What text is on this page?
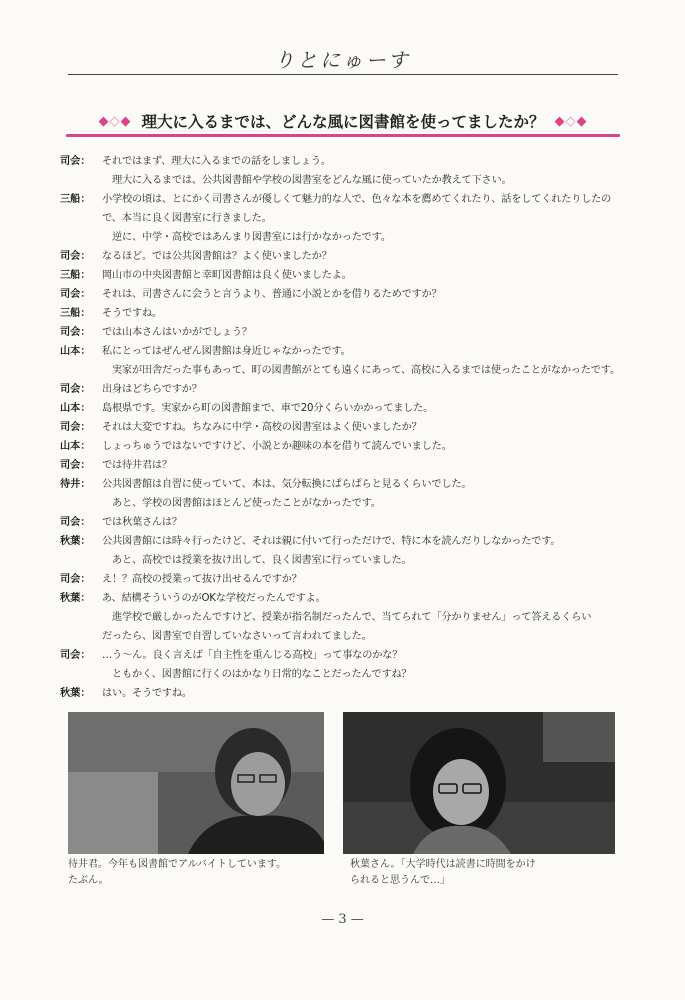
りとにゅーす
◆◇◆ 理大に入るまでは、どんな風に図書館を使ってましたか？ ◆◇◆
司会：	それではまず、理大に入るまでの話をしましょう。
理大に入るまでは、公共図書館や学校の図書室をどんな風に使っていたか教えて下さい。
三船：	小学校の頃は、とにかく司書さんが優しくて魅力的な人で、色々な本を薦めてくれたり、話をしてくれたりしたの
で、本当に良く図書室に行きました。
逆に、中学・高校ではあんまり図書室には行かなかったです。
司会：	なるほど。では公共図書館は？よく使いましたか？
三船：	岡山市の中央図書館と幸町図書館は良く使いましたよ。
司会：	それは、司書さんに会うと言うより、普通に小説とかを借りるためですか？
三船：	そうですね。
司会：	では山本さんはいかがでしょう？
山本：	私にとってはぜんぜん図書館は身近じゃなかったです。
実家が田舎だった事もあって、町の図書館がとても遠くにあって、高校に入るまでは使ったことがなかったです。
司会：	出身はどちらですか？
山本：	島根県です。実家から町の図書館まで、車で20分くらいかかってました。
司会：	それは大変ですね。ちなみに中学・高校の図書室はよく使いましたか？
山本：	しょっちゅうではないですけど、小説とか趣味の本を借りて読んでいました。
司会：	では待井君は？
待井：	公共図書館は自習に使っていて、本は、気分転換にぱらぱらと見るくらいでした。
あと、学校の図書館はほとんど使ったことがなかったです。
司会：	では秋葉さんは？
秋葉：	公共図書館には時々行ったけど、それは親に付いて行っただけで、特に本を読んだりしなかったです。
あと、高校では授業を抜け出して、良く図書室に行っていました。
司会：	え！？高校の授業って抜け出せるんですか？
秋葉：	あ、結構そういうのがOKな学校だったんですよ。
進学校で厳しかったんですけど、授業が指名制だったんで、当てられて「分かりません」って答えるくらい
だったら、図書室で自習していなさいって言われてました。
司会：	…う〜ん。良く言えば「自主性を重んじる高校」って事なのかな？
ともかく、図書館に行くのはかなり日常的なことだったんですね？
秋葉：	はい。そうですね。
待井君。今年も図書館でアルバイトしています。
たぶん。
秋葉さん。「大学時代は読書に時間をかけ
られると思うんで…」
— 3 —
